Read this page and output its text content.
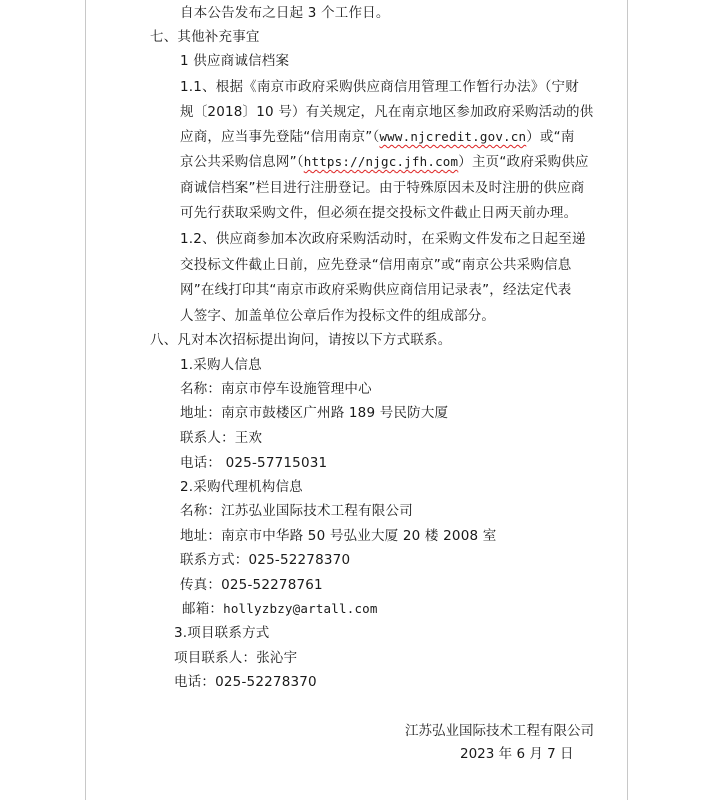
自本公告发布之日起 3 个工作日。
七、其他补充事宜
1 供应商诚信档案
1.1、根据《南京市政府采购供应商信用管理工作暂行办法》（宁财
规〔2018〕10 号）有关规定，凡在南京地区参加政府采购活动的供
应商，应当事先登陆“信用南京”（www.njcredit.gov.cn）或“南
京公共采购信息网”（https://njgc.jfh.com）主页“政府采购供应
商诚信档案”栏目进行注册登记。由于特殊原因未及时注册的供应商
可先行获取采购文件，但必须在提交投标文件截止日两天前办理。
1.2、供应商参加本次政府采购活动时，在采购文件发布之日起至递
交投标文件截止日前，应先登录“信用南京”或“南京公共采购信息
网”在线打印其“南京市政府采购供应商信用记录表”，经法定代表
人签字、加盖单位公章后作为投标文件的组成部分。
八、凡对本次招标提出询问，请按以下方式联系。
1.采购人信息
名称：南京市停车设施管理中心
地址：南京市鼓楼区广州路 189 号民防大厦
联系人：王欢
电话： 025-57715031
2.采购代理机构信息
名称：江苏弘业国际技术工程有限公司
地址：南京市中华路 50 号弘业大厦 20 楼 2008 室
联系方式：025-52278370
传真：025-52278761
邮箱：hollyzbzy@artall.com
3.项目联系方式
项目联系人：张沁宇
电话：025-52278370
江苏弘业国际技术工程有限公司
2023 年 6 月 7 日
